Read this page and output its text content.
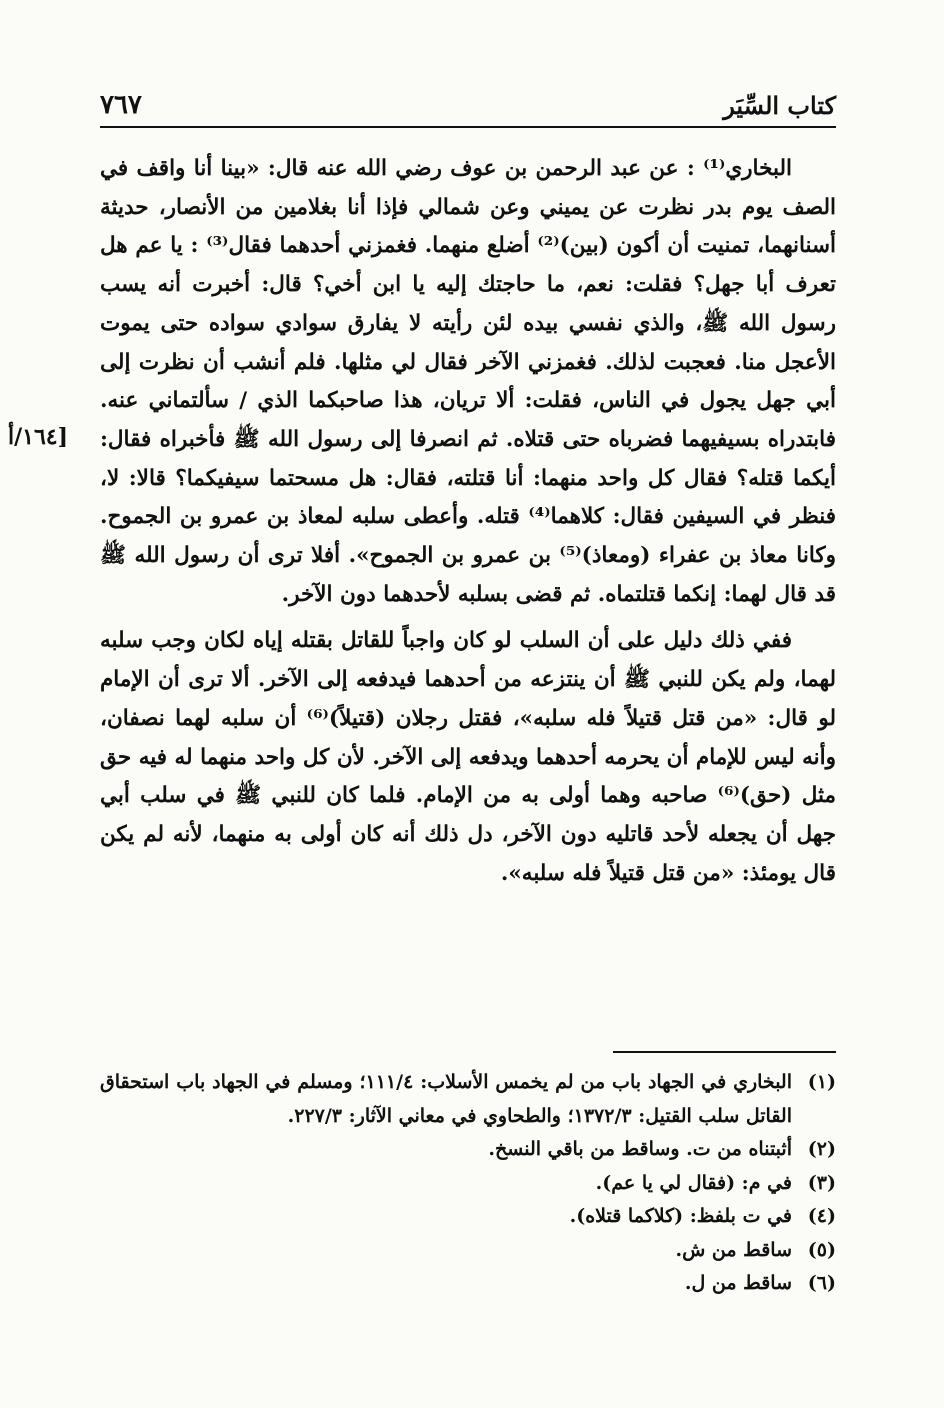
كتاب السِّيَر
٧٦٧
[١٦٤/أ

البخاري⁽¹⁾ : عن عبد الرحمن بن عوف رضي الله عنه قال: «بينا أنا واقف في الصف يوم بدر نظرت عن يميني وعن شمالي فإذا أنا بغلامين من الأنصار، حديثة أسنانهما، تمنيت أن أكون (بين)⁽²⁾ أضلع منهما. فغمزني أحدهما فقال⁽³⁾ : يا عم هل تعرف أبا جهل؟ فقلت: نعم، ما حاجتك إليه يا ابن أخي؟ قال: أخبرت أنه يسب رسول الله ﷺ، والذي نفسي بيده لئن رأيته لا يفارق سوادي سواده حتى يموت الأعجل منا. فعجبت لذلك. فغمزني الآخر فقال لي مثلها. فلم أنشب أن نظرت إلى أبي جهل يجول في الناس، فقلت: ألا تريان، هذا صاحبكما الذي / سألتماني عنه. فابتدراه بسيفيهما فضرباه حتى قتلاه. ثم انصرفا إلى رسول الله ﷺ فأخبراه فقال: أيكما قتله؟ فقال كل واحد منهما: أنا قتلته، فقال: هل مسحتما سيفيكما؟ قالا: لا، فنظر في السيفين فقال: كلاهما⁽⁴⁾ قتله. وأعطى سلبه لمعاذ بن عمرو بن الجموح. وكانا معاذ بن عفراء (ومعاذ)⁽⁵⁾ بن عمرو بن الجموح». أفلا ترى أن رسول الله ﷺ قد قال لهما: إنكما قتلتماه. ثم قضى بسلبه لأحدهما دون الآخر.

ففي ذلك دليل على أن السلب لو كان واجباً للقاتل بقتله إياه لكان وجب سلبه لهما، ولم يكن للنبي ﷺ أن ينتزعه من أحدهما فيدفعه إلى الآخر. ألا ترى أن الإمام لو قال: «من قتل قتيلاً فله سلبه»، فقتل رجلان (قتيلاً)⁽⁶⁾ أن سلبه لهما نصفان، وأنه ليس للإمام أن يحرمه أحدهما ويدفعه إلى الآخر. لأن كل واحد منهما له فيه حق مثل (حق)⁽⁶⁾ صاحبه وهما أولى به من الإمام. فلما كان للنبي ﷺ في سلب أبي جهل أن يجعله لأحد قاتليه دون الآخر، دل ذلك أنه كان أولى به منهما، لأنه لم يكن قال يومئذ: «من قتل قتيلاً فله سلبه».

(١)
البخاري في الجهاد باب من لم يخمس الأسلاب: ١١١/٤؛ ومسلم في الجهاد باب استحقاق القاتل سلب القتيل: ١٣٧٢/٣؛ والطحاوي في معاني الآثار: ٢٢٧/٣.
(٢)
أثبتناه من ت. وساقط من باقي النسخ.
(٣)
في م: (فقال لي يا عم).
(٤)
في ت بلفظ: (كلاكما قتلاه).
(٥)
ساقط من ش.
(٦)
ساقط من ل.
